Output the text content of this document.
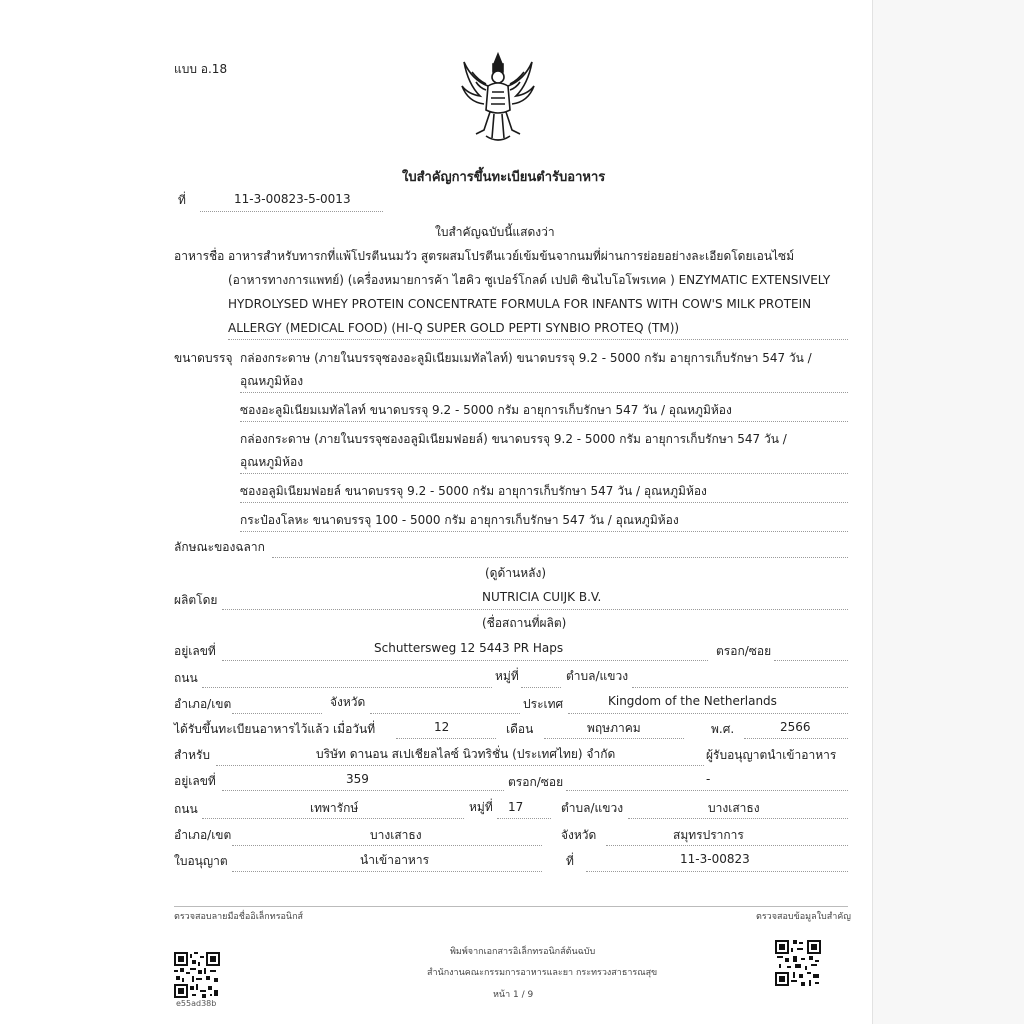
แบบ อ.18
ใบสำคัญการขึ้นทะเบียนตำรับอาหาร
ที่	11-3-00823-5-0013
ใบสำคัญฉบับนี้แสดงว่า
อาหารชื่อ อาหารสำหรับทารกที่แพ้โปรตีนนมวัว สูตรผสมโปรตีนเวย์เข้มข้นจากนมที่ผ่านการย่อยอย่างละเอียดโดยเอนไซม์
(อาหารทางการแพทย์) (เครื่องหมายการค้า ไฮคิว ซูเปอร์โกลด์ เปปติ ซินไบโอโพรเทค ) ENZYMATIC EXTENSIVELY
HYDROLYSED WHEY PROTEIN CONCENTRATE FORMULA FOR INFANTS WITH COW'S MILK PROTEIN
ALLERGY (MEDICAL FOOD) (HI-Q SUPER GOLD PEPTI SYNBIO PROTEQ (TM))
ขนาดบรรจุ กล่องกระดาษ (ภายในบรรจุซองอะลูมิเนียมเมทัลไลท์) ขนาดบรรจุ 9.2 - 5000 กรัม อายุการเก็บรักษา 547 วัน /
อุณหภูมิห้อง
ซองอะลูมิเนียมเมทัลไลท์ ขนาดบรรจุ 9.2 - 5000 กรัม อายุการเก็บรักษา 547 วัน / อุณหภูมิห้อง
กล่องกระดาษ (ภายในบรรจุซองอลูมิเนียมฟอยล์) ขนาดบรรจุ 9.2 - 5000 กรัม อายุการเก็บรักษา 547 วัน /
อุณหภูมิห้อง
ซองอลูมิเนียมฟอยล์ ขนาดบรรจุ 9.2 - 5000 กรัม อายุการเก็บรักษา 547 วัน / อุณหภูมิห้อง
กระป๋องโลหะ ขนาดบรรจุ 100 - 5000 กรัม อายุการเก็บรักษา 547 วัน / อุณหภูมิห้อง
ลักษณะของฉลาก
(ดูด้านหลัง)
ผลิตโดย	NUTRICIA CUIJK B.V.
(ชื่อสถานที่ผลิต)
อยู่เลขที่	Schuttersweg 12 5443 PR Haps	ตรอก/ซอย
ถนน	หมู่ที่	ตำบล/แขวง
อำเภอ/เขต	จังหวัด	ประเทศ	Kingdom of the Netherlands
ได้รับขึ้นทะเบียนอาหารไว้แล้ว เมื่อวันที่	12	เดือน	พฤษภาคม	พ.ศ.	2566
สำหรับ	บริษัท ดานอน สเปเชียลไลซ์ นิวทริชั่น (ประเทศไทย) จำกัด	ผู้รับอนุญาตนำเข้าอาหาร
อยู่เลขที่	359	ตรอก/ซอย	-
ถนน	เทพารักษ์	หมู่ที่ 17	ตำบล/แขวง	บางเสาธง
อำเภอ/เขต	บางเสาธง	จังหวัด	สมุทรปราการ
ใบอนุญาต	นำเข้าอาหาร	ที่	11-3-00823
ตรวจสอบลายมือชื่ออิเล็กทรอนิกส์	ตรวจสอบข้อมูลใบสำคัญ
พิมพ์จากเอกสารอิเล็กทรอนิกส์ต้นฉบับ
สำนักงานคณะกรรมการอาหารและยา กระทรวงสาธารณสุข
หน้า 1 / 9
e55ad38b
